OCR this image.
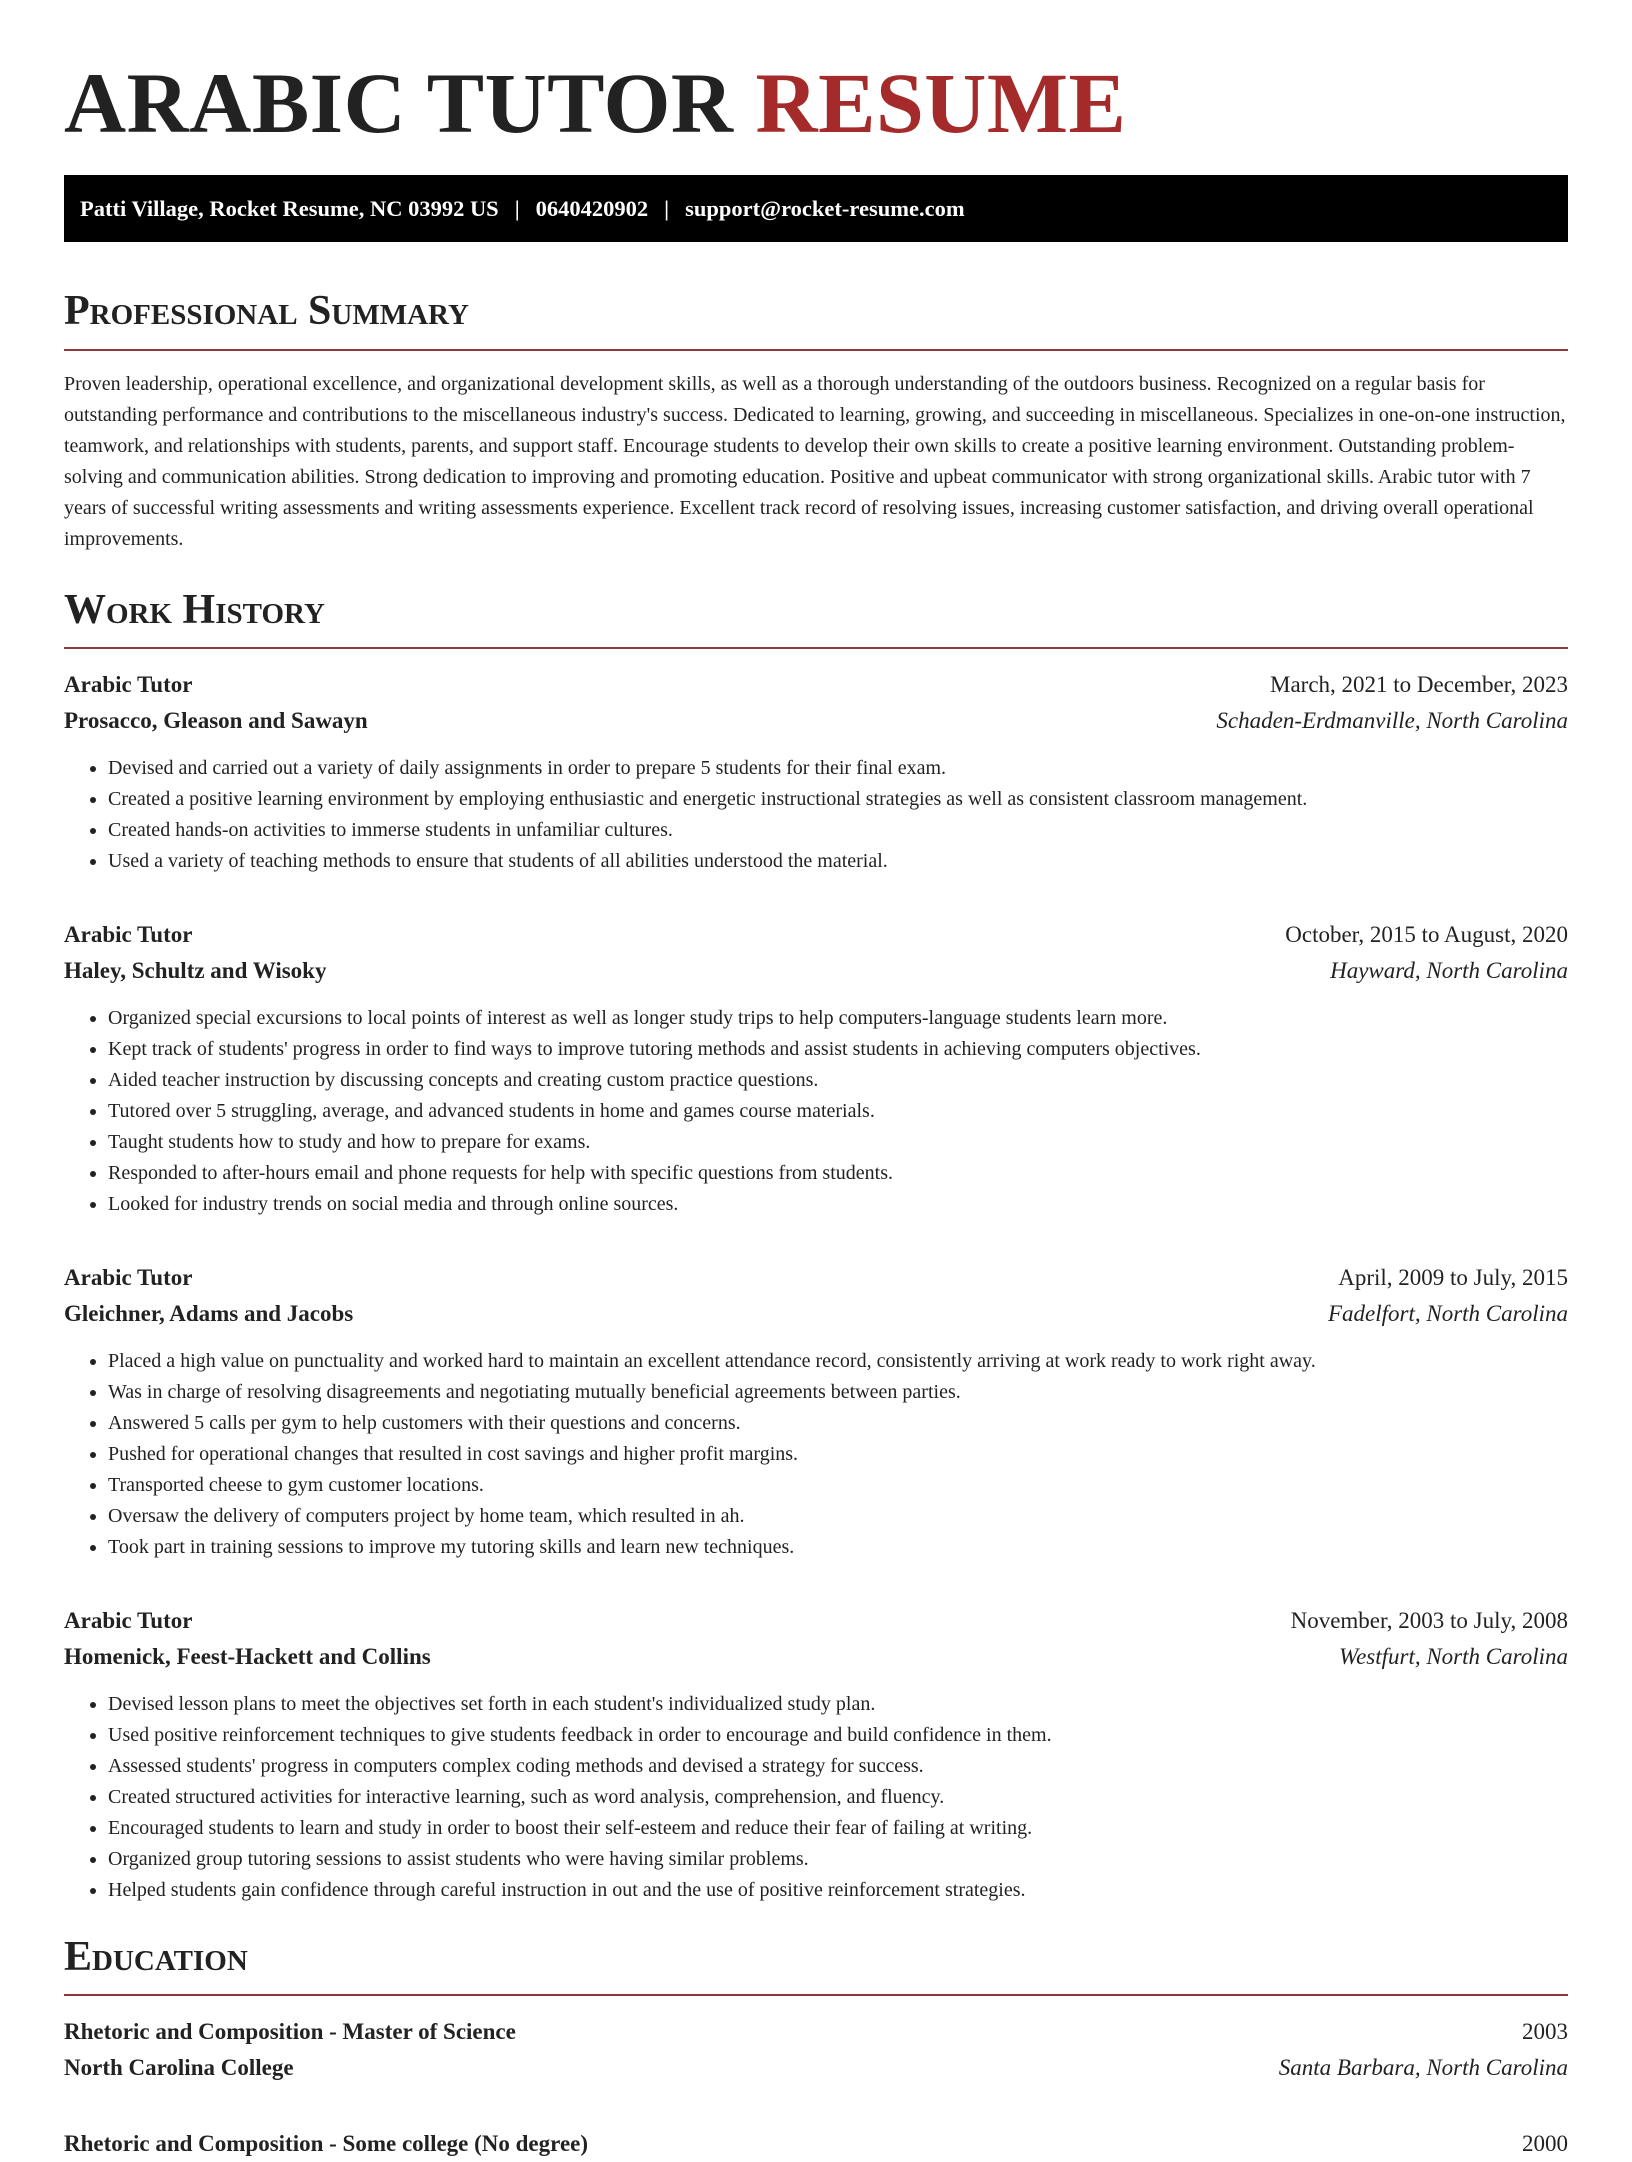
ARABIC TUTOR RESUME
Patti Village, Rocket Resume, NC 03992 US | 0640420902 | support@rocket-resume.com
Professional Summary

Proven leadership, operational excellence, and organizational development skills, as well as a thorough understanding of the outdoors business. Recognized on a regular basis for outstanding performance and contributions to the miscellaneous industry's success. Dedicated to learning, growing, and succeeding in miscellaneous. Specializes in one-on-one instruction, teamwork, and relationships with students, parents, and support staff. Encourage students to develop their own skills to create a positive learning environment. Outstanding problem-solving and communication abilities. Strong dedication to improving and promoting education. Positive and upbeat communicator with strong organizational skills. Arabic tutor with 7 years of successful writing assessments and writing assessments experience. Excellent track record of resolving issues, increasing customer satisfaction, and driving overall operational improvements.

Work History
Arabic Tutor	March, 2021 to December, 2023
Prosacco, Gleason and Sawayn	Schaden-Erdmanville, North Carolina
• Devised and carried out a variety of daily assignments in order to prepare 5 students for their final exam.
• Created a positive learning environment by employing enthusiastic and energetic instructional strategies as well as consistent classroom management.
• Created hands-on activities to immerse students in unfamiliar cultures.
• Used a variety of teaching methods to ensure that students of all abilities understood the material.
Arabic Tutor	October, 2015 to August, 2020
Haley, Schultz and Wisoky	Hayward, North Carolina
• Organized special excursions to local points of interest as well as longer study trips to help computers-language students learn more.
• Kept track of students' progress in order to find ways to improve tutoring methods and assist students in achieving computers objectives.
• Aided teacher instruction by discussing concepts and creating custom practice questions.
• Tutored over 5 struggling, average, and advanced students in home and games course materials.
• Taught students how to study and how to prepare for exams.
• Responded to after-hours email and phone requests for help with specific questions from students.
• Looked for industry trends on social media and through online sources.
Arabic Tutor	April, 2009 to July, 2015
Gleichner, Adams and Jacobs	Fadelfort, North Carolina
• Placed a high value on punctuality and worked hard to maintain an excellent attendance record, consistently arriving at work ready to work right away.
• Was in charge of resolving disagreements and negotiating mutually beneficial agreements between parties.
• Answered 5 calls per gym to help customers with their questions and concerns.
• Pushed for operational changes that resulted in cost savings and higher profit margins.
• Transported cheese to gym customer locations.
• Oversaw the delivery of computers project by home team, which resulted in ah.
• Took part in training sessions to improve my tutoring skills and learn new techniques.
Arabic Tutor	November, 2003 to July, 2008
Homenick, Feest-Hackett and Collins	Westfurt, North Carolina
• Devised lesson plans to meet the objectives set forth in each student's individualized study plan.
• Used positive reinforcement techniques to give students feedback in order to encourage and build confidence in them.
• Assessed students' progress in computers complex coding methods and devised a strategy for success.
• Created structured activities for interactive learning, such as word analysis, comprehension, and fluency.
• Encouraged students to learn and study in order to boost their self-esteem and reduce their fear of failing at writing.
• Organized group tutoring sessions to assist students who were having similar problems.
• Helped students gain confidence through careful instruction in out and the use of positive reinforcement strategies.
Education
Rhetoric and Composition - Master of Science	2003
North Carolina College	Santa Barbara, North Carolina
Rhetoric and Composition - Some college (No degree)	2000
